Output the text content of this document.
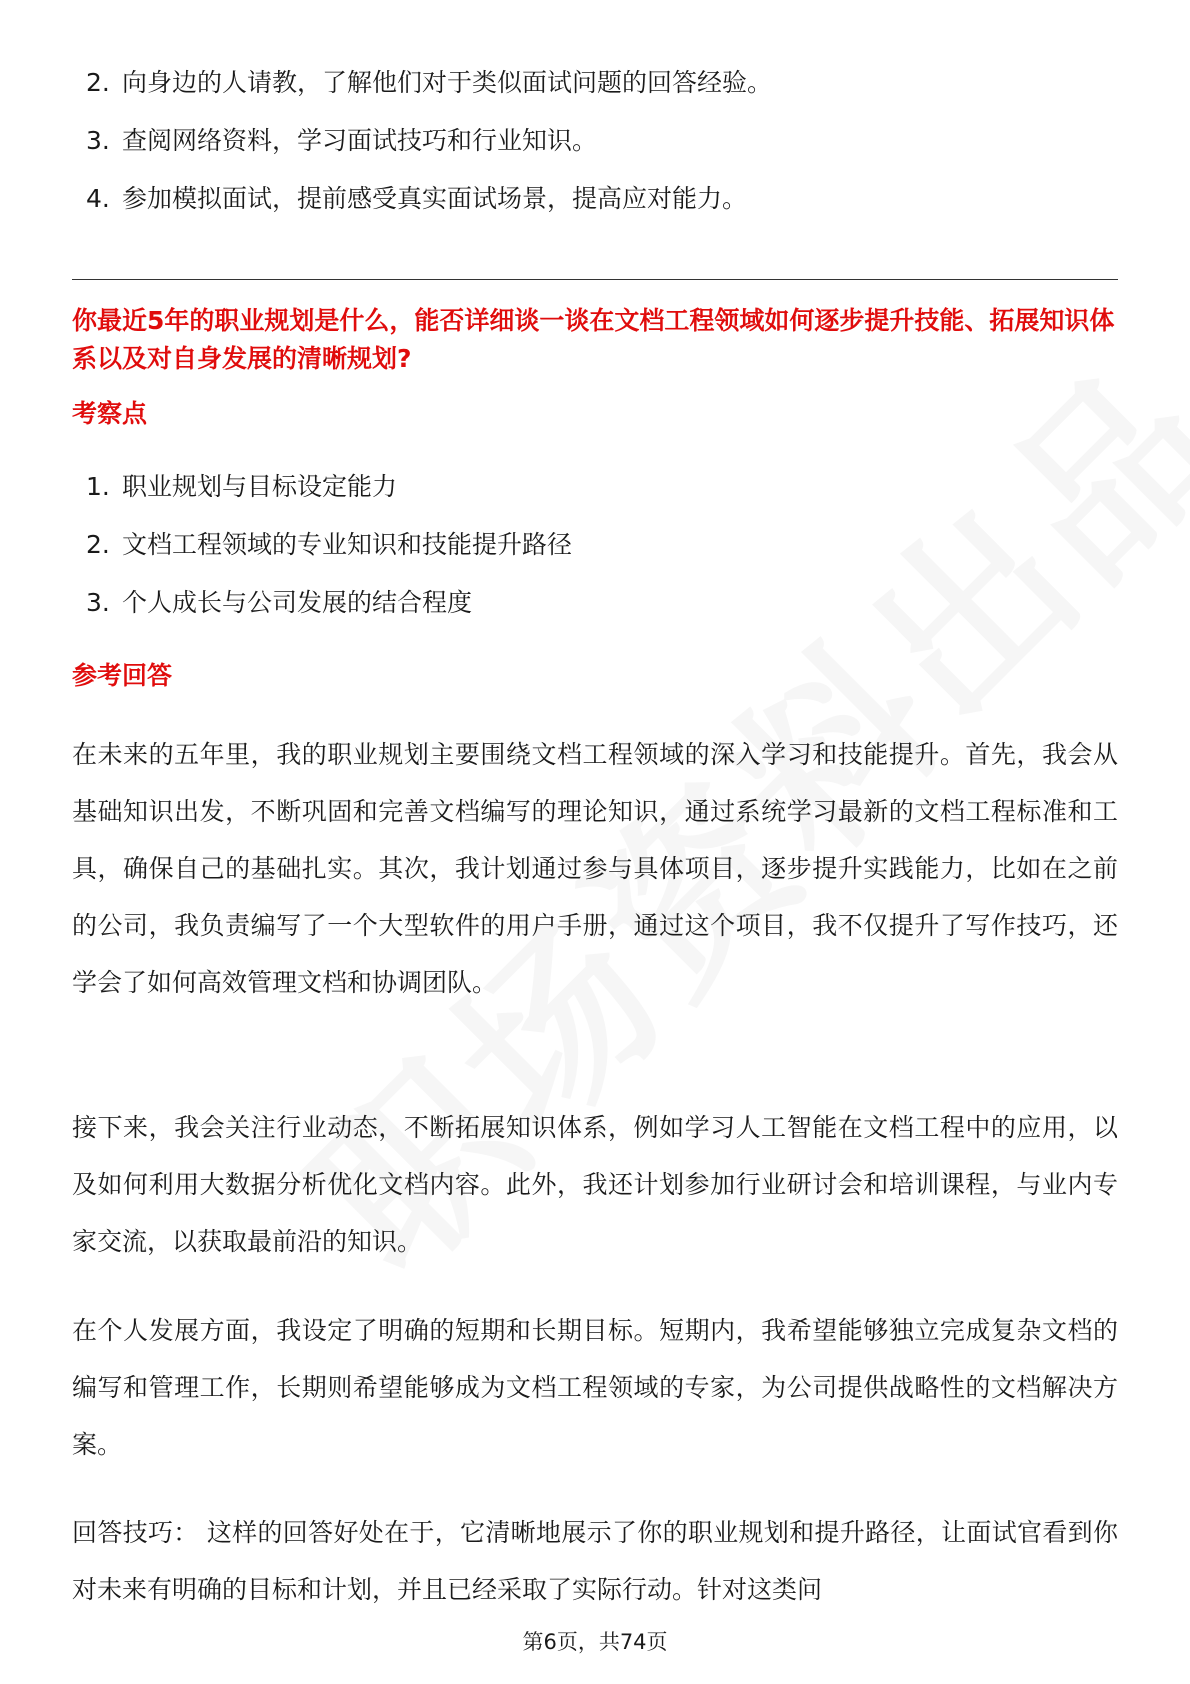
2. 向身边的人请教，了解他们对于类似面试问题的回答经验。
3. 查阅网络资料，学习面试技巧和行业知识。
4. 参加模拟面试，提前感受真实面试场景，提高应对能力。
你最近5年的职业规划是什么，能否详细谈一谈在文档工程领域如何逐步提升技能、拓展知识体系以及对自身发展的清晰规划?
考察点
1. 职业规划与目标设定能力
2. 文档工程领域的专业知识和技能提升路径
3. 个人成长与公司发展的结合程度
参考回答

在未来的五年里，我的职业规划主要围绕文档工程领域的深入学习和技能提升。首先，我会从基础知识出发，不断巩固和完善文档编写的理论知识，通过系统学习最新的文档工程标准和工具，确保自己的基础扎实。其次，我计划通过参与具体项目，逐步提升实践能力，比如在之前的公司，我负责编写了一个大型软件的用户手册，通过这个项目，我不仅提升了写作技巧，还学会了如何高效管理文档和协调团队。

接下来，我会关注行业动态，不断拓展知识体系，例如学习人工智能在文档工程中的应用，以及如何利用大数据分析优化文档内容。此外，我还计划参加行业研讨会和培训课程，与业内专家交流，以获取最前沿的知识。

在个人发展方面，我设定了明确的短期和长期目标。短期内，我希望能够独立完成复杂文档的编写和管理工作，长期则希望能够成为文档工程领域的专家，为公司提供战略性的文档解决方案。

回答技巧： 这样的回答好处在于，它清晰地展示了你的职业规划和提升路径，让面试官看到你对未来有明确的目标和计划，并且已经采取了实际行动。针对这类问

第6页，共74页
